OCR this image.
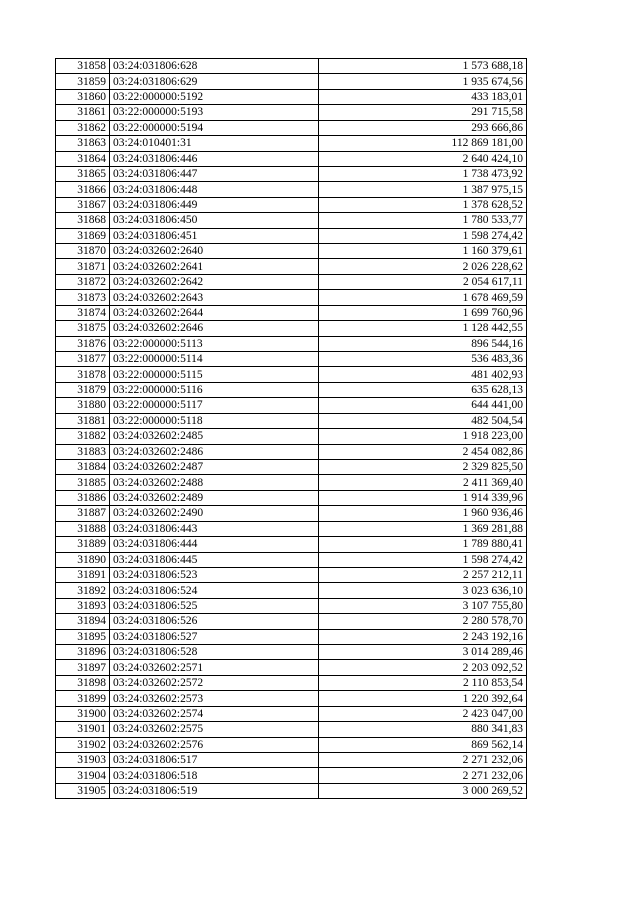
31858	03:24:031806:628	1 573 688,18
31859	03:24:031806:629	1 935 674,56
31860	03:22:000000:5192	433 183,01
31861	03:22:000000:5193	291 715,58
31862	03:22:000000:5194	293 666,86
31863	03:24:010401:31	112 869 181,00
31864	03:24:031806:446	2 640 424,10
31865	03:24:031806:447	1 738 473,92
31866	03:24:031806:448	1 387 975,15
31867	03:24:031806:449	1 378 628,52
31868	03:24:031806:450	1 780 533,77
31869	03:24:031806:451	1 598 274,42
31870	03:24:032602:2640	1 160 379,61
31871	03:24:032602:2641	2 026 228,62
31872	03:24:032602:2642	2 054 617,11
31873	03:24:032602:2643	1 678 469,59
31874	03:24:032602:2644	1 699 760,96
31875	03:24:032602:2646	1 128 442,55
31876	03:22:000000:5113	896 544,16
31877	03:22:000000:5114	536 483,36
31878	03:22:000000:5115	481 402,93
31879	03:22:000000:5116	635 628,13
31880	03:22:000000:5117	644 441,00
31881	03:22:000000:5118	482 504,54
31882	03:24:032602:2485	1 918 223,00
31883	03:24:032602:2486	2 454 082,86
31884	03:24:032602:2487	2 329 825,50
31885	03:24:032602:2488	2 411 369,40
31886	03:24:032602:2489	1 914 339,96
31887	03:24:032602:2490	1 960 936,46
31888	03:24:031806:443	1 369 281,88
31889	03:24:031806:444	1 789 880,41
31890	03:24:031806:445	1 598 274,42
31891	03:24:031806:523	2 257 212,11
31892	03:24:031806:524	3 023 636,10
31893	03:24:031806:525	3 107 755,80
31894	03:24:031806:526	2 280 578,70
31895	03:24:031806:527	2 243 192,16
31896	03:24:031806:528	3 014 289,46
31897	03:24:032602:2571	2 203 092,52
31898	03:24:032602:2572	2 110 853,54
31899	03:24:032602:2573	1 220 392,64
31900	03:24:032602:2574	2 423 047,00
31901	03:24:032602:2575	880 341,83
31902	03:24:032602:2576	869 562,14
31903	03:24:031806:517	2 271 232,06
31904	03:24:031806:518	2 271 232,06
31905	03:24:031806:519	3 000 269,52
